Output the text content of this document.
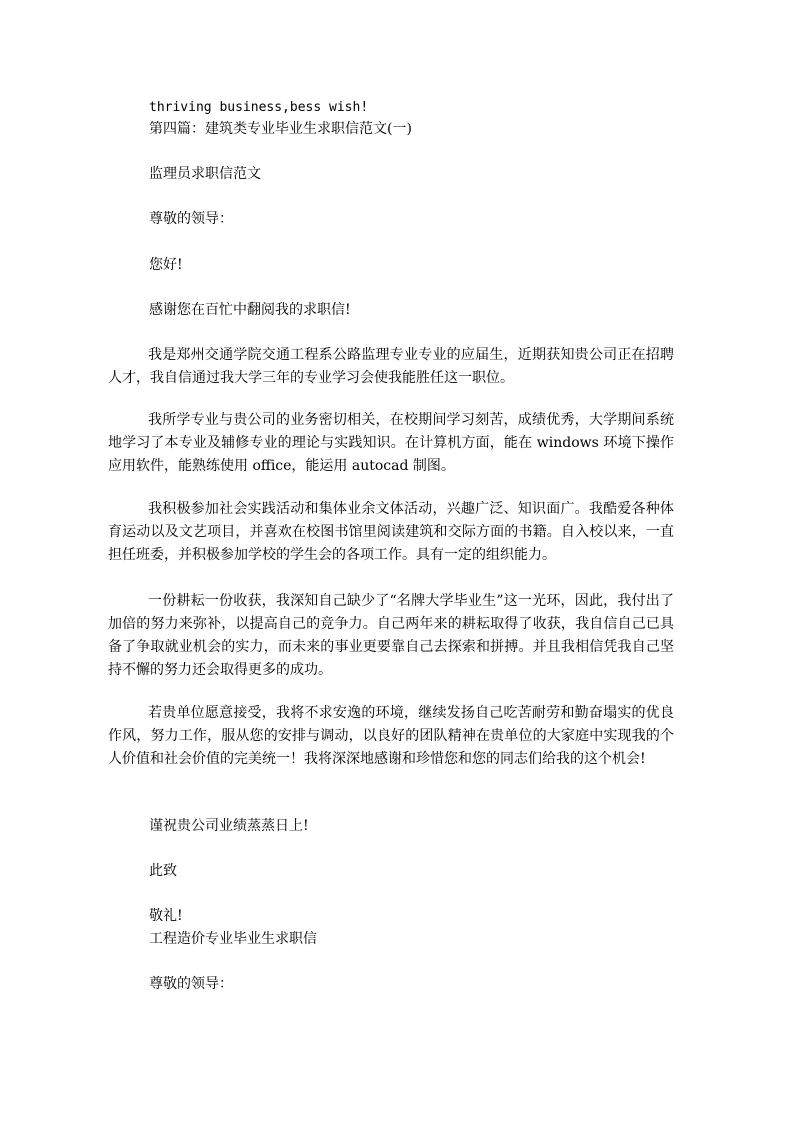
thriving business,bess wish!

第四篇：建筑类专业毕业生求职信范文(一)

监理员求职信范文

尊敬的领导：

您好!

感谢您在百忙中翻阅我的求职信!

我是郑州交通学院交通工程系公路监理专业专业的应届生，近期获知贵公司正在招聘人才，我自信通过我大学三年的专业学习会使我能胜任这一职位。

我所学专业与贵公司的业务密切相关，在校期间学习刻苦，成绩优秀，大学期间系统地学习了本专业及辅修专业的理论与实践知识。在计算机方面，能在 windows 环境下操作应用软件，能熟练使用 office，能运用 autocad 制图。

我积极参加社会实践活动和集体业余文体活动，兴趣广泛、知识面广。我酷爱各种体育运动以及文艺项目，并喜欢在校图书馆里阅读建筑和交际方面的书籍。自入校以来，一直担任班委，并积极参加学校的学生会的各项工作。具有一定的组织能力。

一份耕耘一份收获，我深知自己缺少了“名牌大学毕业生”这一光环，因此，我付出了加倍的努力来弥补，以提高自己的竞争力。自己两年来的耕耘取得了收获，我自信自己已具备了争取就业机会的实力，而未来的事业更要靠自己去探索和拼搏。并且我相信凭我自己坚持不懈的努力还会取得更多的成功。

若贵单位愿意接受，我将不求安逸的环境，继续发扬自己吃苦耐劳和勤奋塌实的优良作风，努力工作，服从您的安排与调动，以良好的团队精神在贵单位的大家庭中实现我的个人价值和社会价值的完美统一！我将深深地感谢和珍惜您和您的同志们给我的这个机会!

谨祝贵公司业绩蒸蒸日上!

此致

敬礼!

工程造价专业毕业生求职信

尊敬的领导：
